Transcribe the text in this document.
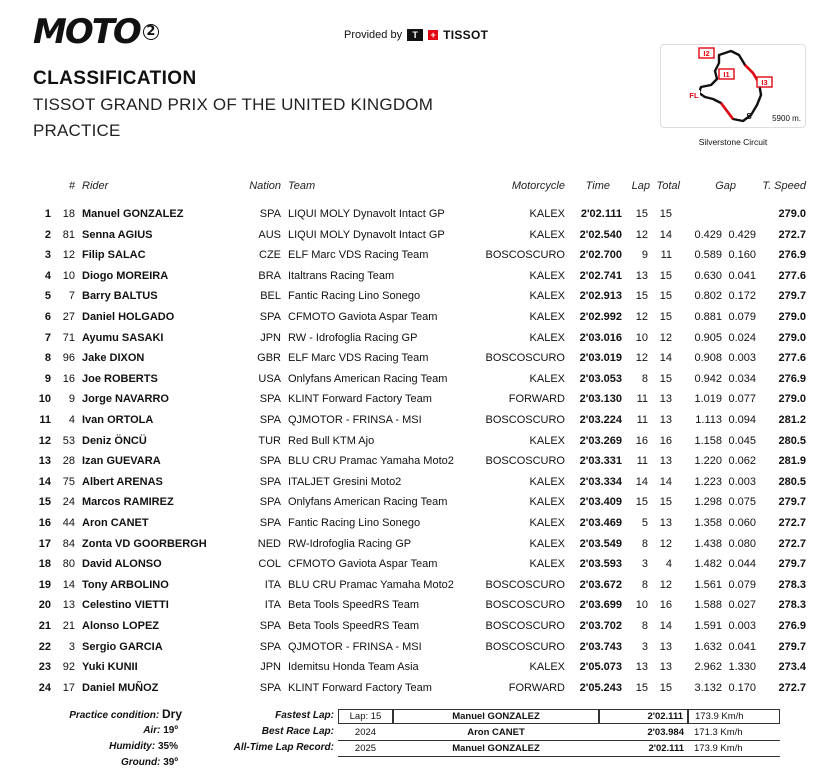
MOTO 2	Provided by	T	+ TISSOT
CLASSIFICATION
TISSOT GRAND PRIX OF THE UNITED KINGDOM
PRACTICE
I2
I1
I3
FL
S	5900 m.
Silverstone Circuit
# Rider	Nation Team	Motorcycle	Time	Lap Total	Gap	T. Speed
1	18 Manuel GONZALEZ	SPA LIQUI MOLY Dynavolt Intact GP	KALEX	2'02.111	15	15	279.0
2	81 Senna AGIUS	AUS LIQUI MOLY Dynavolt Intact GP	KALEX	2'02.540	12	14	0.429 0.429	272.7
3	12 Filip SALAC	CZE ELF Marc VDS Racing Team	BOSCOSCURO	2'02.700	9	11	0.589 0.160	276.9
4	10 Diogo MOREIRA	BRA Italtrans Racing Team	KALEX	2'02.741	13	15	0.630 0.041	277.6
5	7 Barry BALTUS	BEL Fantic Racing Lino Sonego	KALEX	2'02.913	15	15	0.802 0.172	279.7
6	27 Daniel HOLGADO	SPA CFMOTO Gaviota Aspar Team	KALEX	2'02.992	12	15	0.881 0.079	279.0
7	71 Ayumu SASAKI	JPN RW - Idrofoglia Racing GP	KALEX	2'03.016	10	12	0.905 0.024	279.0
8	96 Jake DIXON	GBR ELF Marc VDS Racing Team	BOSCOSCURO	2'03.019	12	14	0.908 0.003	277.6
9	16 Joe ROBERTS	USA Onlyfans American Racing Team	KALEX	2'03.053	8	15	0.942 0.034	276.9
10	9 Jorge NAVARRO	SPA KLINT Forward Factory Team	FORWARD	2'03.130	11	13	1.019 0.077	279.0
11	4 Ivan ORTOLA	SPA QJMOTOR - FRINSA - MSI	BOSCOSCURO	2'03.224	11	13	1.113 0.094	281.2
12	53 Deniz ÖNCÜ	TUR Red Bull KTM Ajo	KALEX	2'03.269	16	16	1.158 0.045	280.5
13	28 Izan GUEVARA	SPA BLU CRU Pramac Yamaha Moto2	BOSCOSCURO	2'03.331	11	13	1.220 0.062	281.9
14	75 Albert ARENAS	SPA ITALJET Gresini Moto2	KALEX	2'03.334	14	14	1.223 0.003	280.5
15	24 Marcos RAMIREZ	SPA Onlyfans American Racing Team	KALEX	2'03.409	15	15	1.298 0.075	279.7
16	44 Aron CANET	SPA Fantic Racing Lino Sonego	KALEX	2'03.469	5	13	1.358 0.060	272.7
17	84 Zonta VD GOORBERGH	NED RW-Idrofoglia Racing GP	KALEX	2'03.549	8	12	1.438 0.080	272.7
18	80 David ALONSO	COL CFMOTO Gaviota Aspar Team	KALEX	2'03.593	3	4	1.482 0.044	279.7
19	14 Tony ARBOLINO	ITA BLU CRU Pramac Yamaha Moto2	BOSCOSCURO	2'03.672	8	12	1.561 0.079	278.3
20	13 Celestino VIETTI	ITA Beta Tools SpeedRS Team	BOSCOSCURO	2'03.699	10	16	1.588 0.027	278.3
21	21 Alonso LOPEZ	SPA Beta Tools SpeedRS Team	BOSCOSCURO	2'03.702	8	14	1.591 0.003	276.9
22	3 Sergio GARCIA	SPA QJMOTOR - FRINSA - MSI	BOSCOSCURO	2'03.743	3	13	1.632 0.041	279.7
23	92 Yuki KUNII	JPN Idemitsu Honda Team Asia	KALEX	2'05.073	13	13	2.962 1.330	273.4
24	17 Daniel MUÑOZ	SPA KLINT Forward Factory Team	FORWARD	2'05.243	15	15	3.132 0.170	272.7
Practice condition: Dry
Air: 19º
Humidity: 35%
Ground: 39º
Fastest Lap:	Lap: 15	Manuel GONZALEZ	2'02.111	173.9 Km/h
Best Race Lap:	2024	Aron CANET	2'03.984	171.3 Km/h
All-Time Lap Record:	2025	Manuel GONZALEZ	2'02.111	173.9 Km/h
